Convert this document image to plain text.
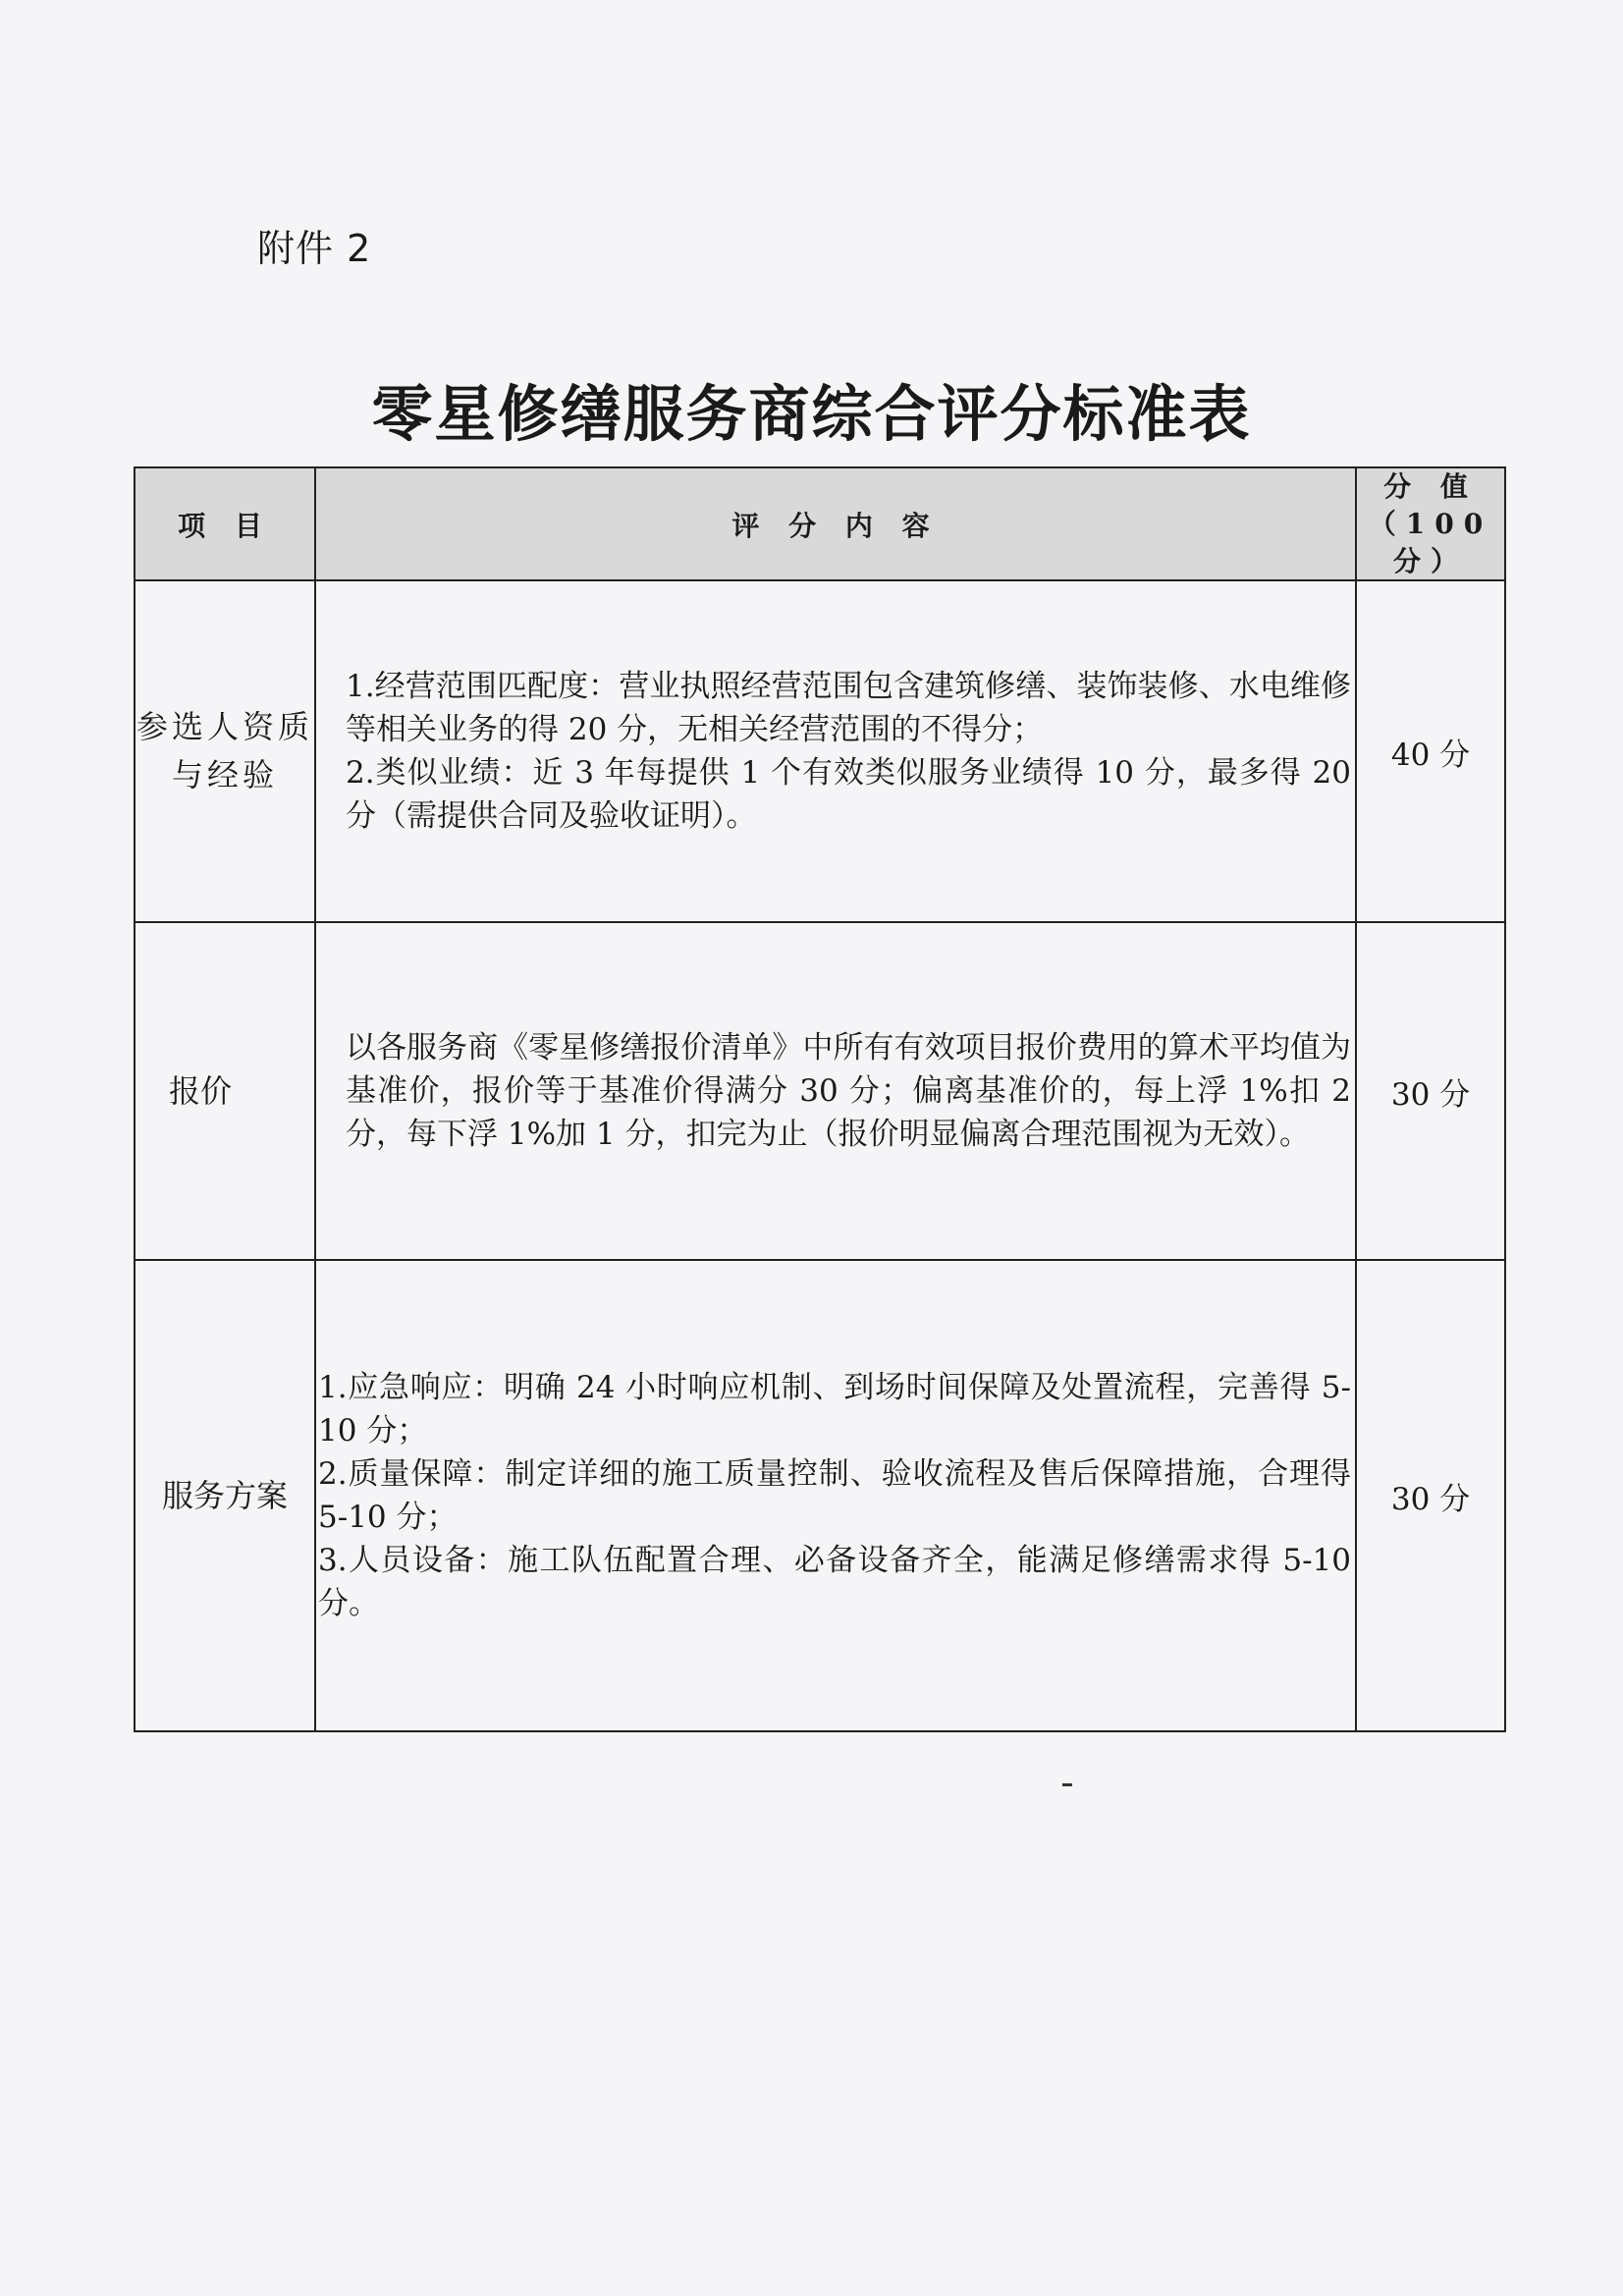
附件 2
零星修缮服务商综合评分标准表
项 目	评 分 内 容	分 值
（100 分）

参选人资质与经验	1.经营范围匹配度：营业执照经营范围包含建筑修缮、装饰装修、水电维修等相关业务的得 20 分，无相关经营范围的不得分；
2.类似业绩：近 3 年每提供 1 个有效类似服务业绩得 10 分，最多得 20 分（需提供合同及验收证明）。	40 分
报价	以各服务商《零星修缮报价清单》中所有有效项目报价费用的算术平均值为基准价，报价等于基准价得满分 30 分；偏离基准价的，每上浮 1%扣 2 分，每下浮 1%加 1 分，扣完为止（报价明显偏离合理范围视为无效）。	30 分
服务方案	1.应急响应：明确 24 小时响应机制、到场时间保障及处置流程，完善得 5-10 分；
2.质量保障：制定详细的施工质量控制、验收流程及售后保障措施，合理得 5-10 分；
3.人员设备：施工队伍配置合理、必备设备齐全，能满足修缮需求得 5-10 分。	30 分
